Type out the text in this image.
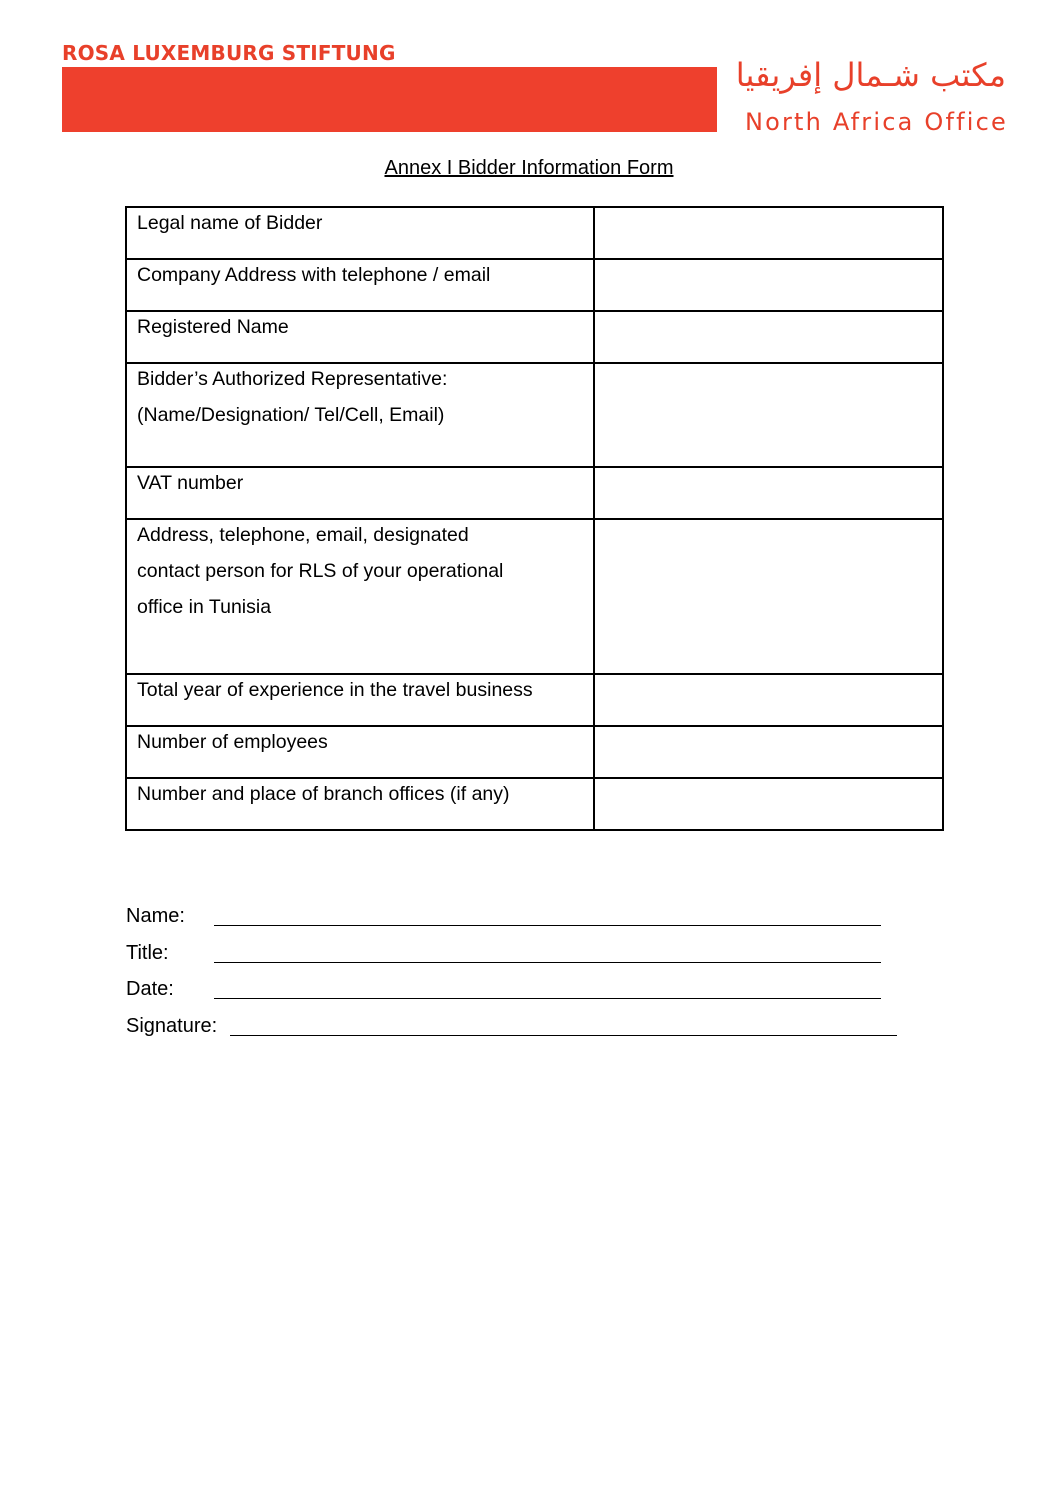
ROSA LUXEMBURG STIFTUNG
مكتب شـمال إفريقيا
North Africa Office
Annex I Bidder Information Form
Legal name of Bidder	

Company Address with telephone / email	

Registered Name	

Bidder’s Authorized Representative:
(Name/Designation/ Tel/Cell, Email)	

VAT number	

Address, telephone, email, designated
contact person for RLS of your operational
office in Tunisia	

Total year of experience in the travel business	

Number of employees	

Number and place of branch offices (if any)	

Name:
Title:
Date:
Signature:
